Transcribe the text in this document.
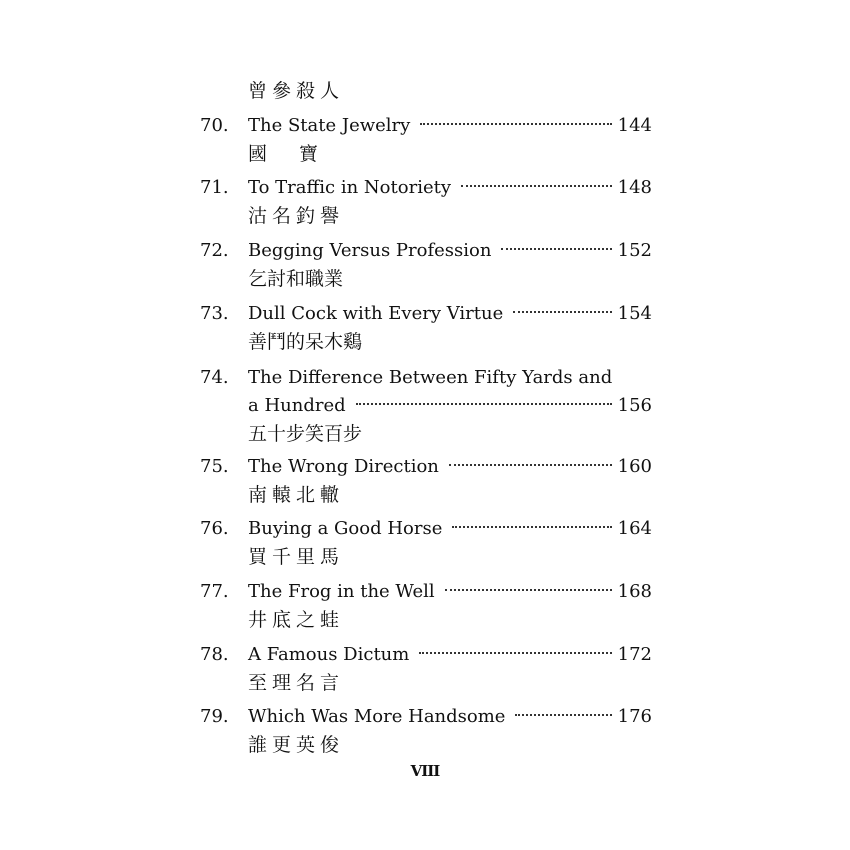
曾參殺人
70.	The State Jewelry	144
國寶
71.	To Traffic in Notoriety	148
沽名釣譽
72.	Begging Versus Profession	152
乞討和職業
73.	Dull Cock with Every Virtue	154
善鬥的呆木鷄
74.	The Difference Between Fifty Yards and
a Hundred	156
五十步笑百步
75.	The Wrong Direction	160
南轅北轍
76.	Buying a Good Horse	164
買千里馬
77.	The Frog in the Well	168
井底之蛙
78.	A Famous Dictum	172
至理名言
79.	Which Was More Handsome	176
誰更英俊
VIII
